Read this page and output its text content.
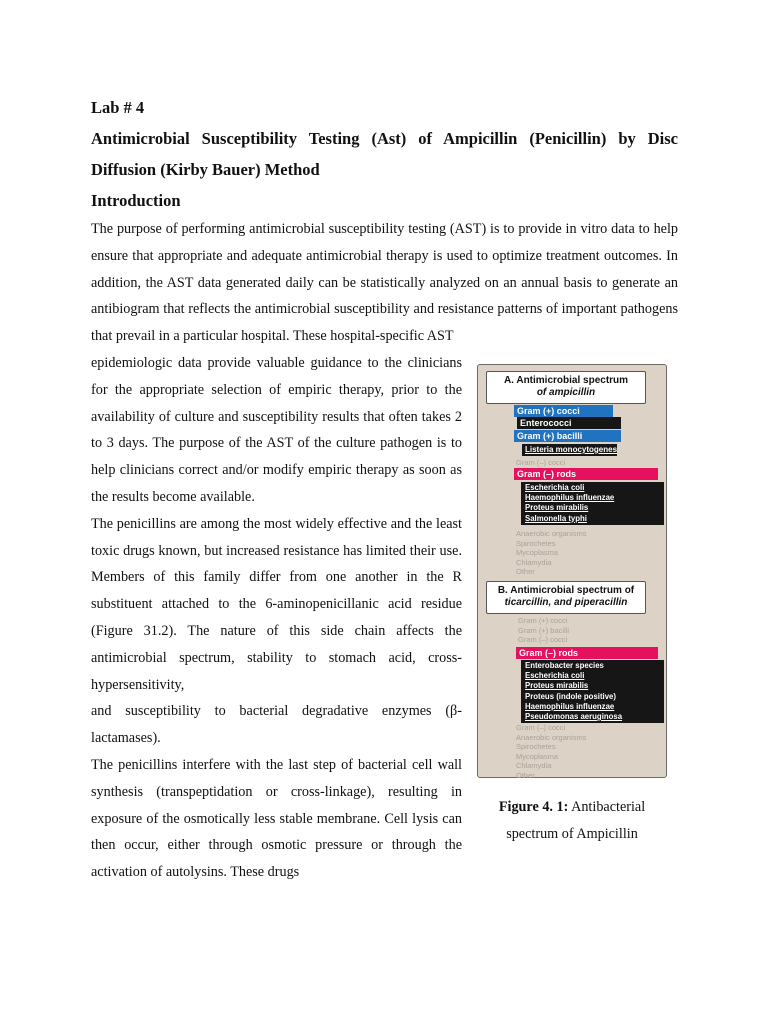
Lab # 4
Antimicrobial Susceptibility Testing (Ast) of Ampicillin (Penicillin) by Disc Diffusion (Kirby Bauer) Method
Introduction

The purpose of performing antimicrobial susceptibility testing (AST) is to provide in vitro data to help ensure that appropriate and adequate antimicrobial therapy is used to optimize treatment outcomes. In addition, the AST data generated daily can be statistically analyzed on an annual basis to generate an antibiogram that reflects the antimicrobial susceptibility and resistance patterns of important pathogens that prevail in a particular hospital. These hospital-specific AST

epidemiologic data provide valuable guidance to the clinicians for the appropriate selection of empiric therapy, prior to the availability of culture and susceptibility results that often takes 2 to 3 days. The purpose of the AST of the culture pathogen is to help clinicians correct and/or modify empiric therapy as soon as the results become available.

The penicillins are among the most widely effective and the least toxic drugs known, but increased resistance has limited their use. Members of this family differ from one another in the R substituent attached to the 6-aminopenicillanic acid residue (Figure 31.2). The nature of this side chain affects the antimicrobial spectrum, stability to stomach acid, cross-hypersensitivity,

and susceptibility to bacterial degradative enzymes (β-lactamases).

The penicillins interfere with the last step of bacterial cell wall synthesis (transpeptidation or cross-linkage), resulting in exposure of the osmotically less stable membrane. Cell lysis can then occur, either through osmotic pressure or through the activation of autolysins. These drugs

A. Antimicrobial spectrum
of ampicillin
Gram (+) cocci
Enterococci
Gram (+) bacilli
Listeria monocytogenes
Gram (–) cocci
Gram (–) rods
Escherichia coli
Haemophilus influenzae
Proteus mirabilis
Salmonella typhi
Anaerobic organisms
Spirochetes
Mycoplasma
Chlamydia
Other
B. Antimicrobial spectrum of
ticarcillin, and piperacillin
Gram (+) cocci
Gram (+) bacilli
Gram (–) cocci
Gram (–) rods
Enterobacter species
Escherichia coli
Proteus mirabilis
Proteus (indole positive)
Haemophilus influenzae
Pseudomonas aeruginosa
Gram (–) cocci
Anaerobic organisms
Spirochetes
Mycoplasma
Chlamydia
Other
Figure 4. 1: Antibacterial spectrum of Ampicillin
